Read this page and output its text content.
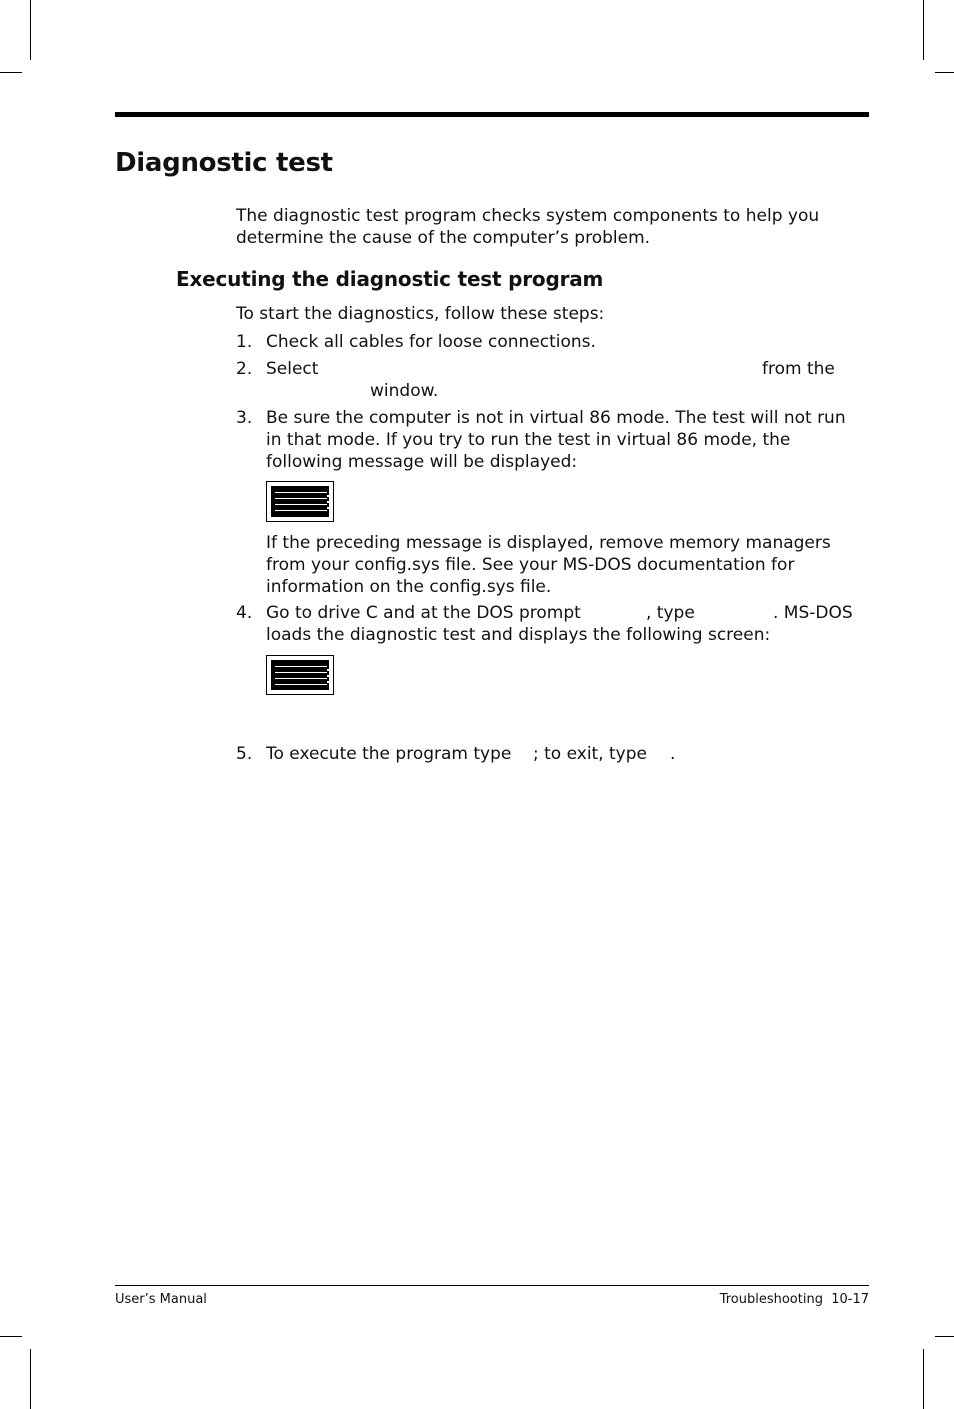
Diagnostic test

The diagnostic test program checks system components to help you determine the cause of the computer’s problem.

Executing the diagnostic test program

To start the diagnostics, follow these steps:

1. Check all cables for loose connections.
2. Select	from the
window.
3. Be sure the computer is not in virtual 86 mode. The test will not run in that mode. If you try to run the test in virtual 86 mode, the following message will be displayed:

If the preceding message is displayed, remove memory managers from your config.sys file. See your MS-DOS documentation for information on the config.sys file.

4. Go to drive C and at the DOS prompt	, type	. MS-DOS
loads the diagnostic test and displays the following screen:
5. To execute the program type ; to exit, type .
User’s Manual	Troubleshooting  10-17
